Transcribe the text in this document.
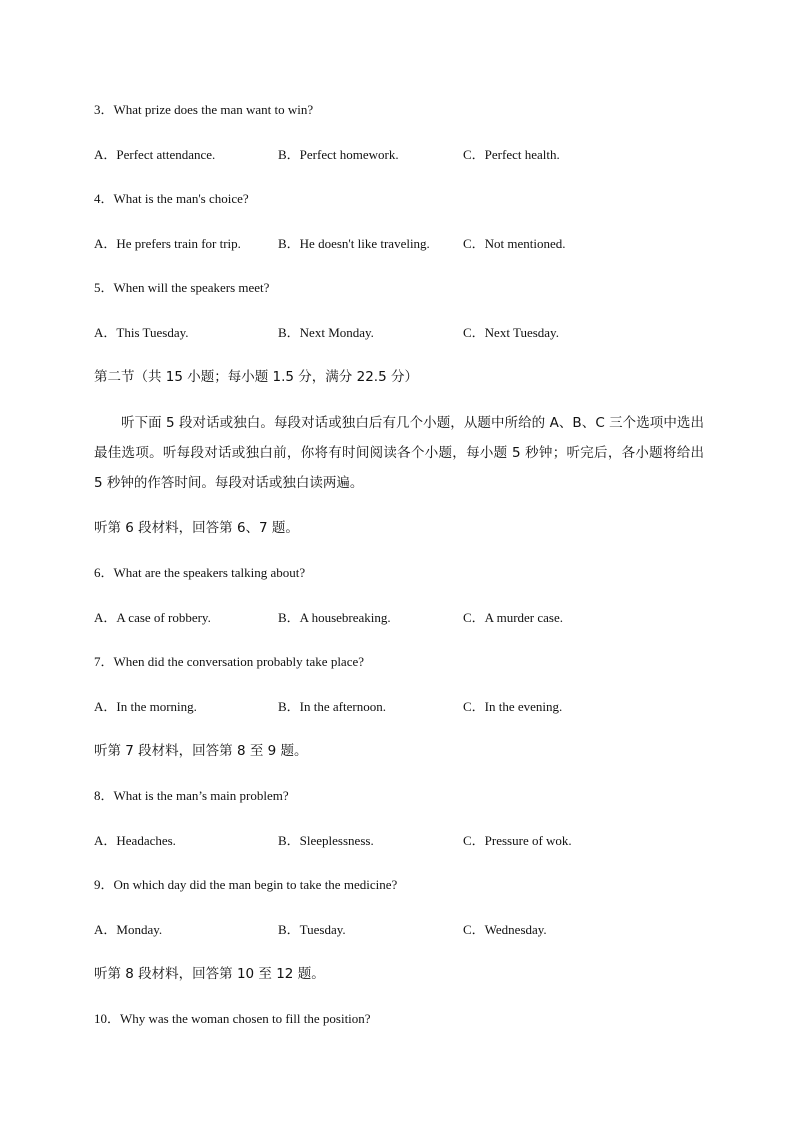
3．What prize does the man want to win?
A．Perfect attendance.	B．Perfect homework.	C．Perfect health.
4．What is the man's choice?
A．He prefers train for trip.	B．He doesn't like traveling.	C．Not mentioned.
5．When will the speakers meet?
A．This Tuesday.	B．Next Monday.	C．Next Tuesday.
第二节（共 15 小题；每小题 1.5 分，满分 22.5 分）
听下面 5 段对话或独白。每段对话或独白后有几个小题，从题中所给的 A、B、C 三个选项中选出最佳选项。听每段对话或独白前，你将有时间阅读各个小题，每小题 5 秒钟；听完后，各小题将给出 5 秒钟的作答时间。每段对话或独白读两遍。
听第 6 段材料，回答第 6、7 题。
6．What are the speakers talking about?
A．A case of robbery.	B．A housebreaking.	C．A murder case.
7．When did the conversation probably take place?
A．In the morning.	B．In the afternoon.	C．In the evening.
听第 7 段材料，回答第 8 至 9 题。
8．What is the man’s main problem?
A．Headaches.	B．Sleeplessness.	C．Pressure of wok.
9．On which day did the man begin to take the medicine?
A．Monday.	B．Tuesday.	C．Wednesday.
听第 8 段材料，回答第 10 至 12 题。
10．Why was the woman chosen to fill the position?
